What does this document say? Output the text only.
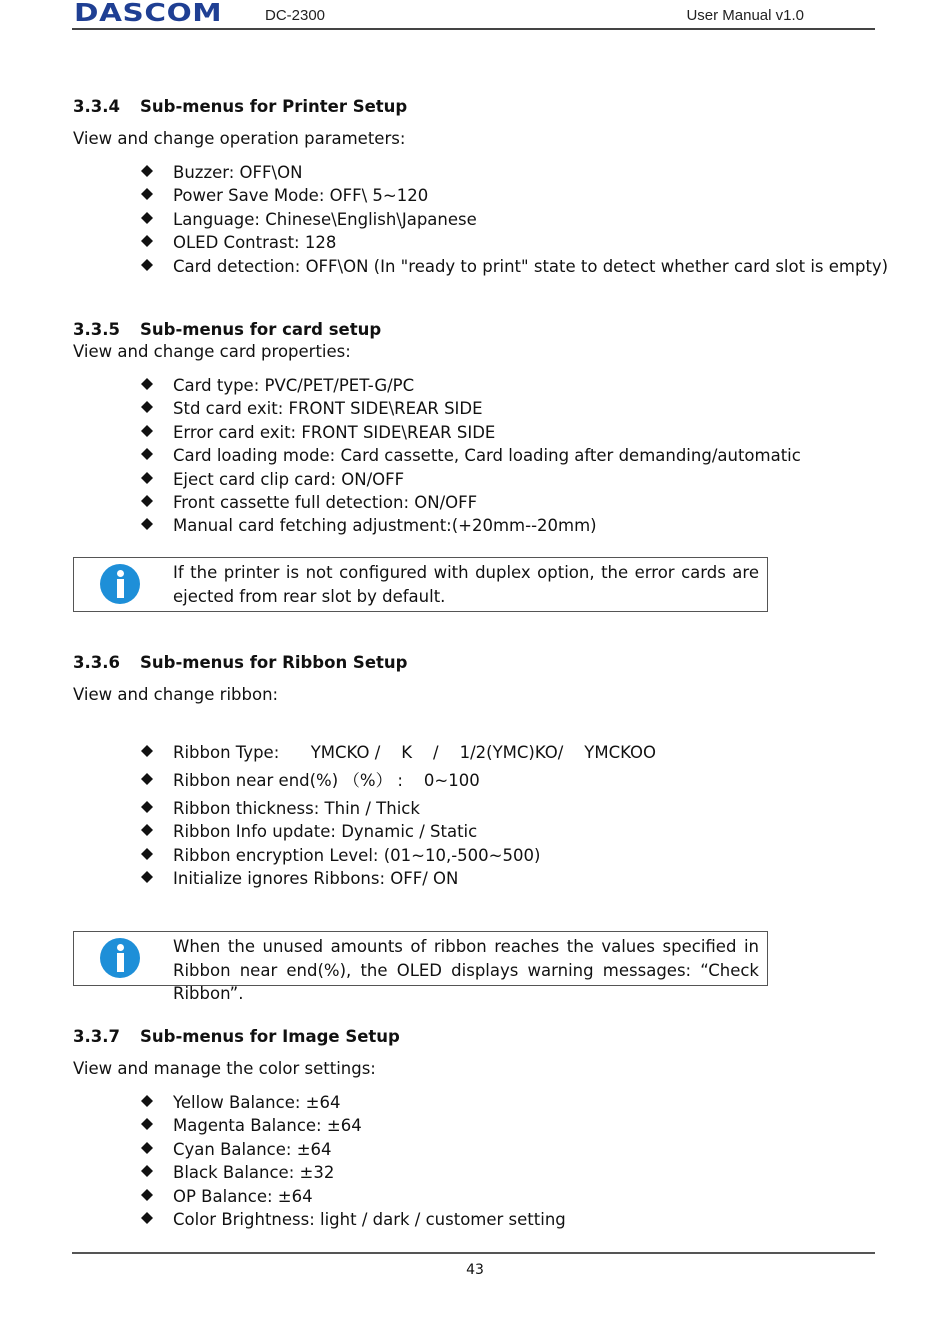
DASCOM	DC-2300	User Manual v1.0
3.3.4 Sub-menus for Printer Setup
View and change operation parameters:
Buzzer: OFF\ON
Power Save Mode: OFF\ 5~120
Language: Chinese\English\Japanese
OLED Contrast: 128
Card detection: OFF\ON (In "ready to print" state to detect whether card slot is empty)
3.3.5 Sub-menus for card setup
View and change card properties:
Card type: PVC/PET/PET-G/PC
Std card exit: FRONT SIDE\REAR SIDE
Error card exit: FRONT SIDE\REAR SIDE
Card loading mode: Card cassette, Card loading after demanding/automatic
Eject card clip card: ON/OFF
Front cassette full detection: ON/OFF
Manual card fetching adjustment:(+20mm--20mm)
If the printer is not configured with duplex option, the error cards are ejected from rear slot by default.
3.3.6 Sub-menus for Ribbon Setup
View and change ribbon:
Ribbon Type:      YMCKO /    K    /    1/2(YMC)KO/    YMCKOO
Ribbon near end(%) （%） :    0~100
Ribbon thickness: Thin / Thick
Ribbon Info update: Dynamic / Static
Ribbon encryption Level: (01~10,-500~500)
Initialize ignores Ribbons: OFF/ ON
When the unused amounts of ribbon reaches the values specified in Ribbon near end(%), the OLED displays warning messages: “Check Ribbon”.
3.3.7 Sub-menus for Image Setup
View and manage the color settings:
Yellow Balance: ±64
Magenta Balance: ±64
Cyan Balance: ±64
Black Balance: ±32
OP Balance: ±64
Color Brightness: light / dark / customer setting
43
